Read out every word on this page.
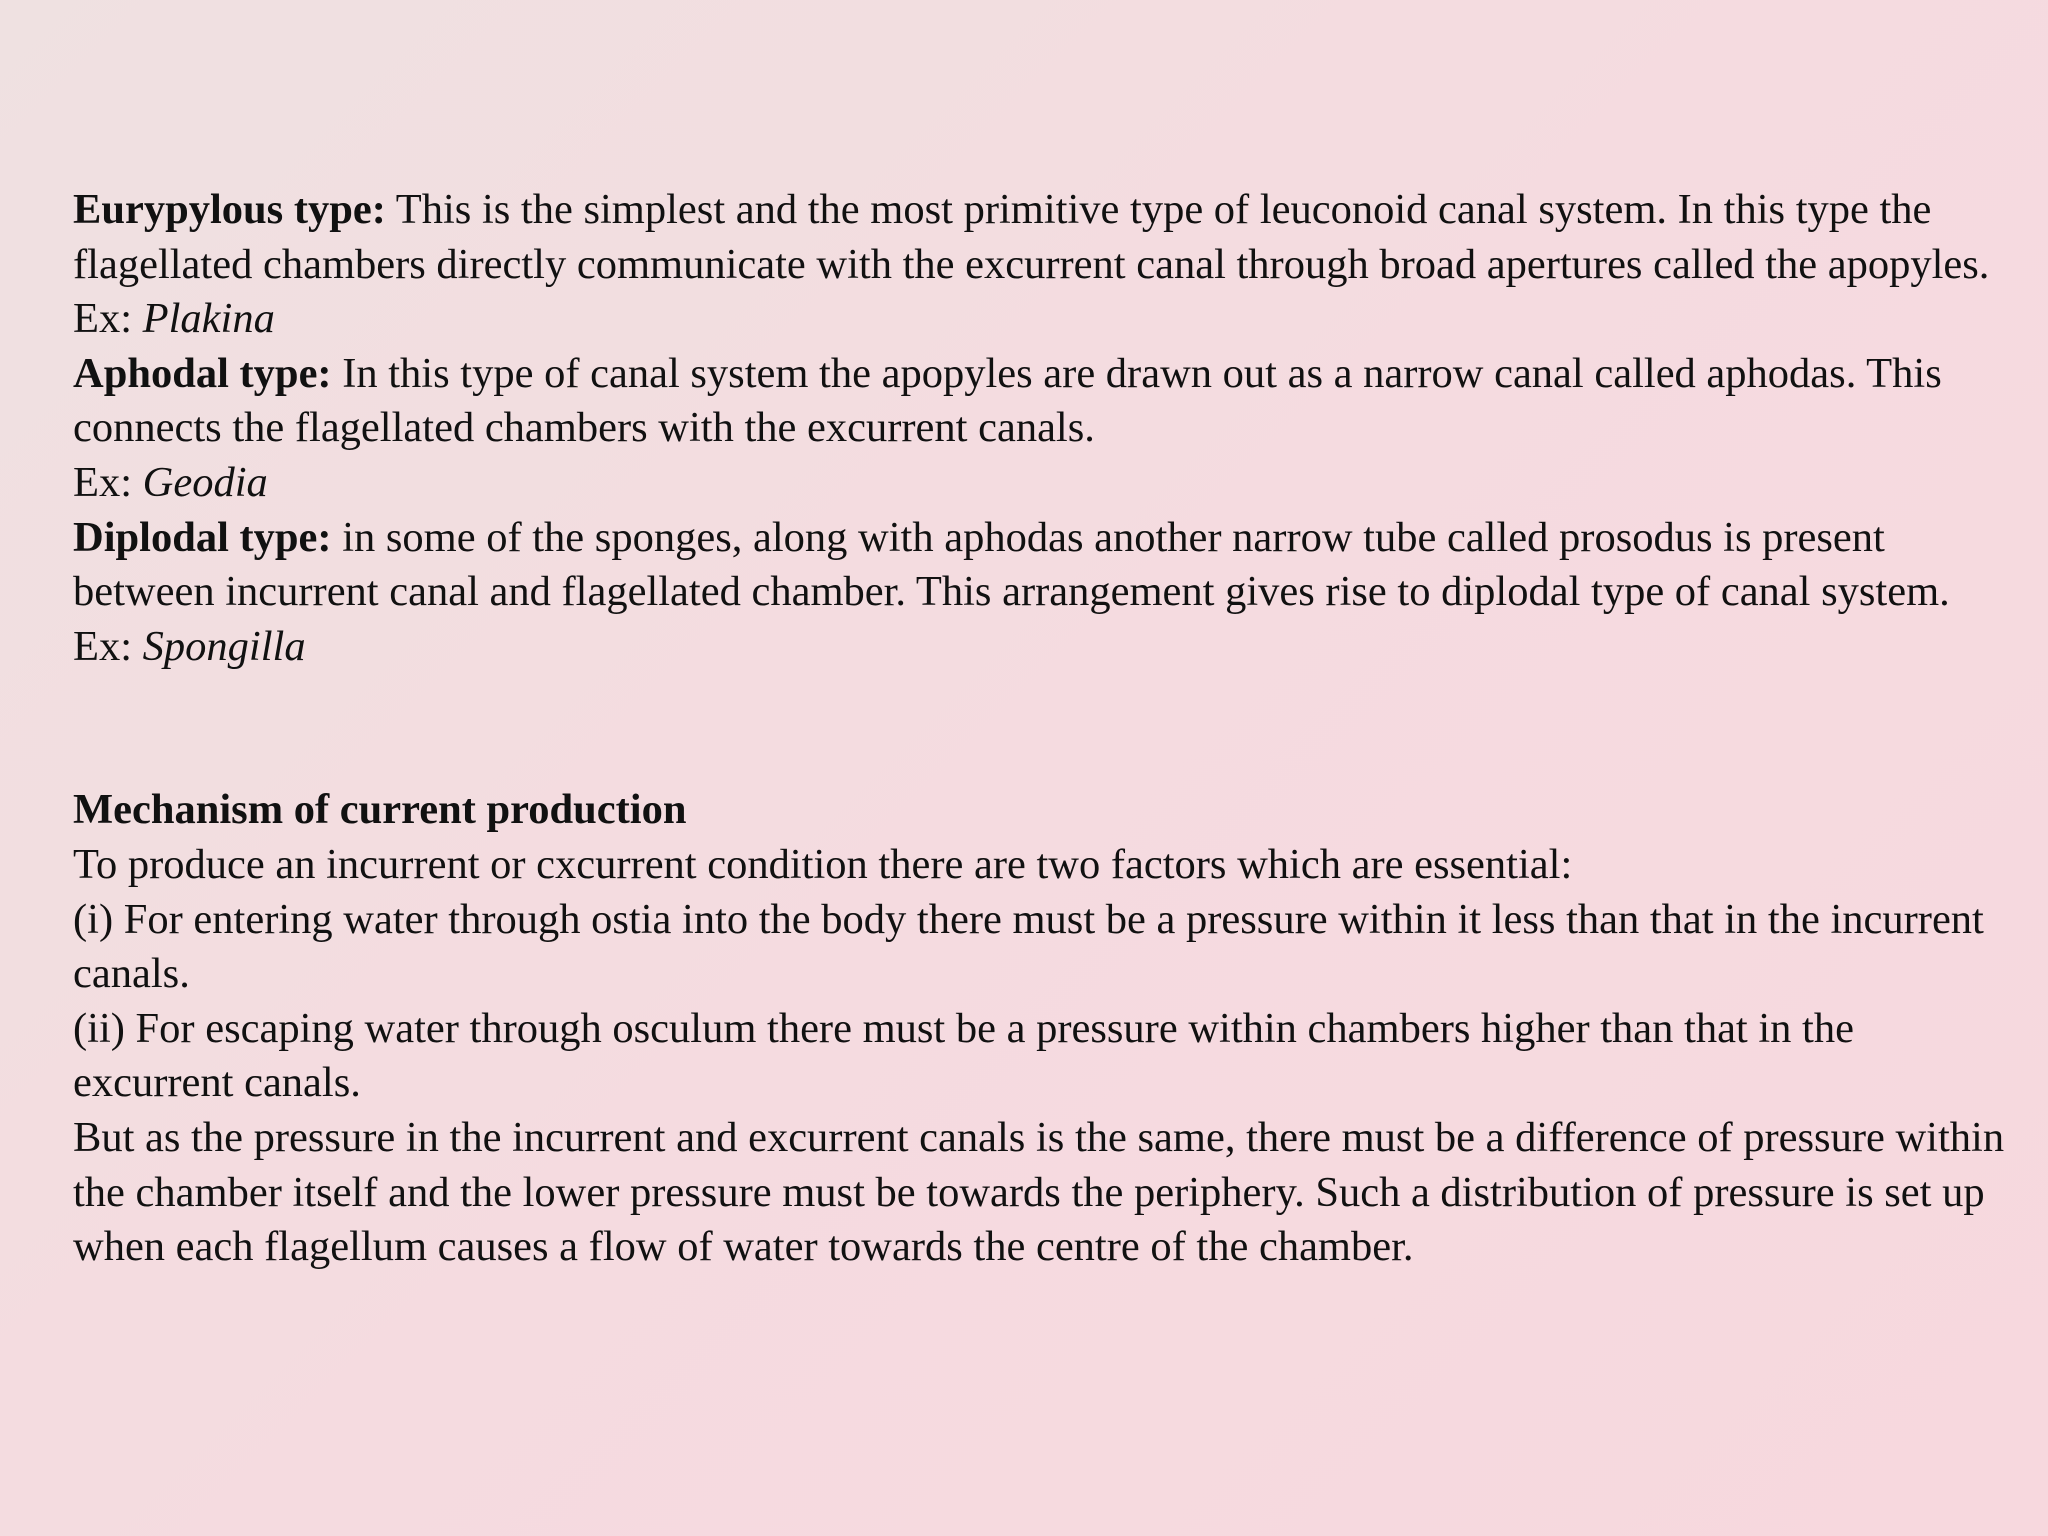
Eurypylous type: This is the simplest and the most primitive type of leuconoid canal system. In this type the flagellated chambers directly communicate with the excurrent canal through broad apertures called the apopyles.

Ex: Plakina

Aphodal type: In this type of canal system the apopyles are drawn out as a narrow canal called aphodas. This connects the flagellated chambers with the excurrent canals.

Ex: Geodia

Diplodal type: in some of the sponges, along with aphodas another narrow tube called prosodus is present between incurrent canal and flagellated chamber. This arrangement gives rise to diplodal type of canal system.

Ex: Spongilla

Mechanism of current production

To produce an incurrent or cxcurrent condition there are two factors which are essential:

(i) For entering water through ostia into the body there must be a pressure within it less than that in the incurrent canals.

(ii) For escaping water through osculum there must be a pressure within chambers higher than that in the excurrent canals.

But as the pressure in the incurrent and excurrent canals is the same, there must be a difference of pressure within the chamber itself and the lower pressure must be towards the periphery. Such a distribution of pressure is set up when each flagellum causes a flow of water towards the centre of the chamber.
